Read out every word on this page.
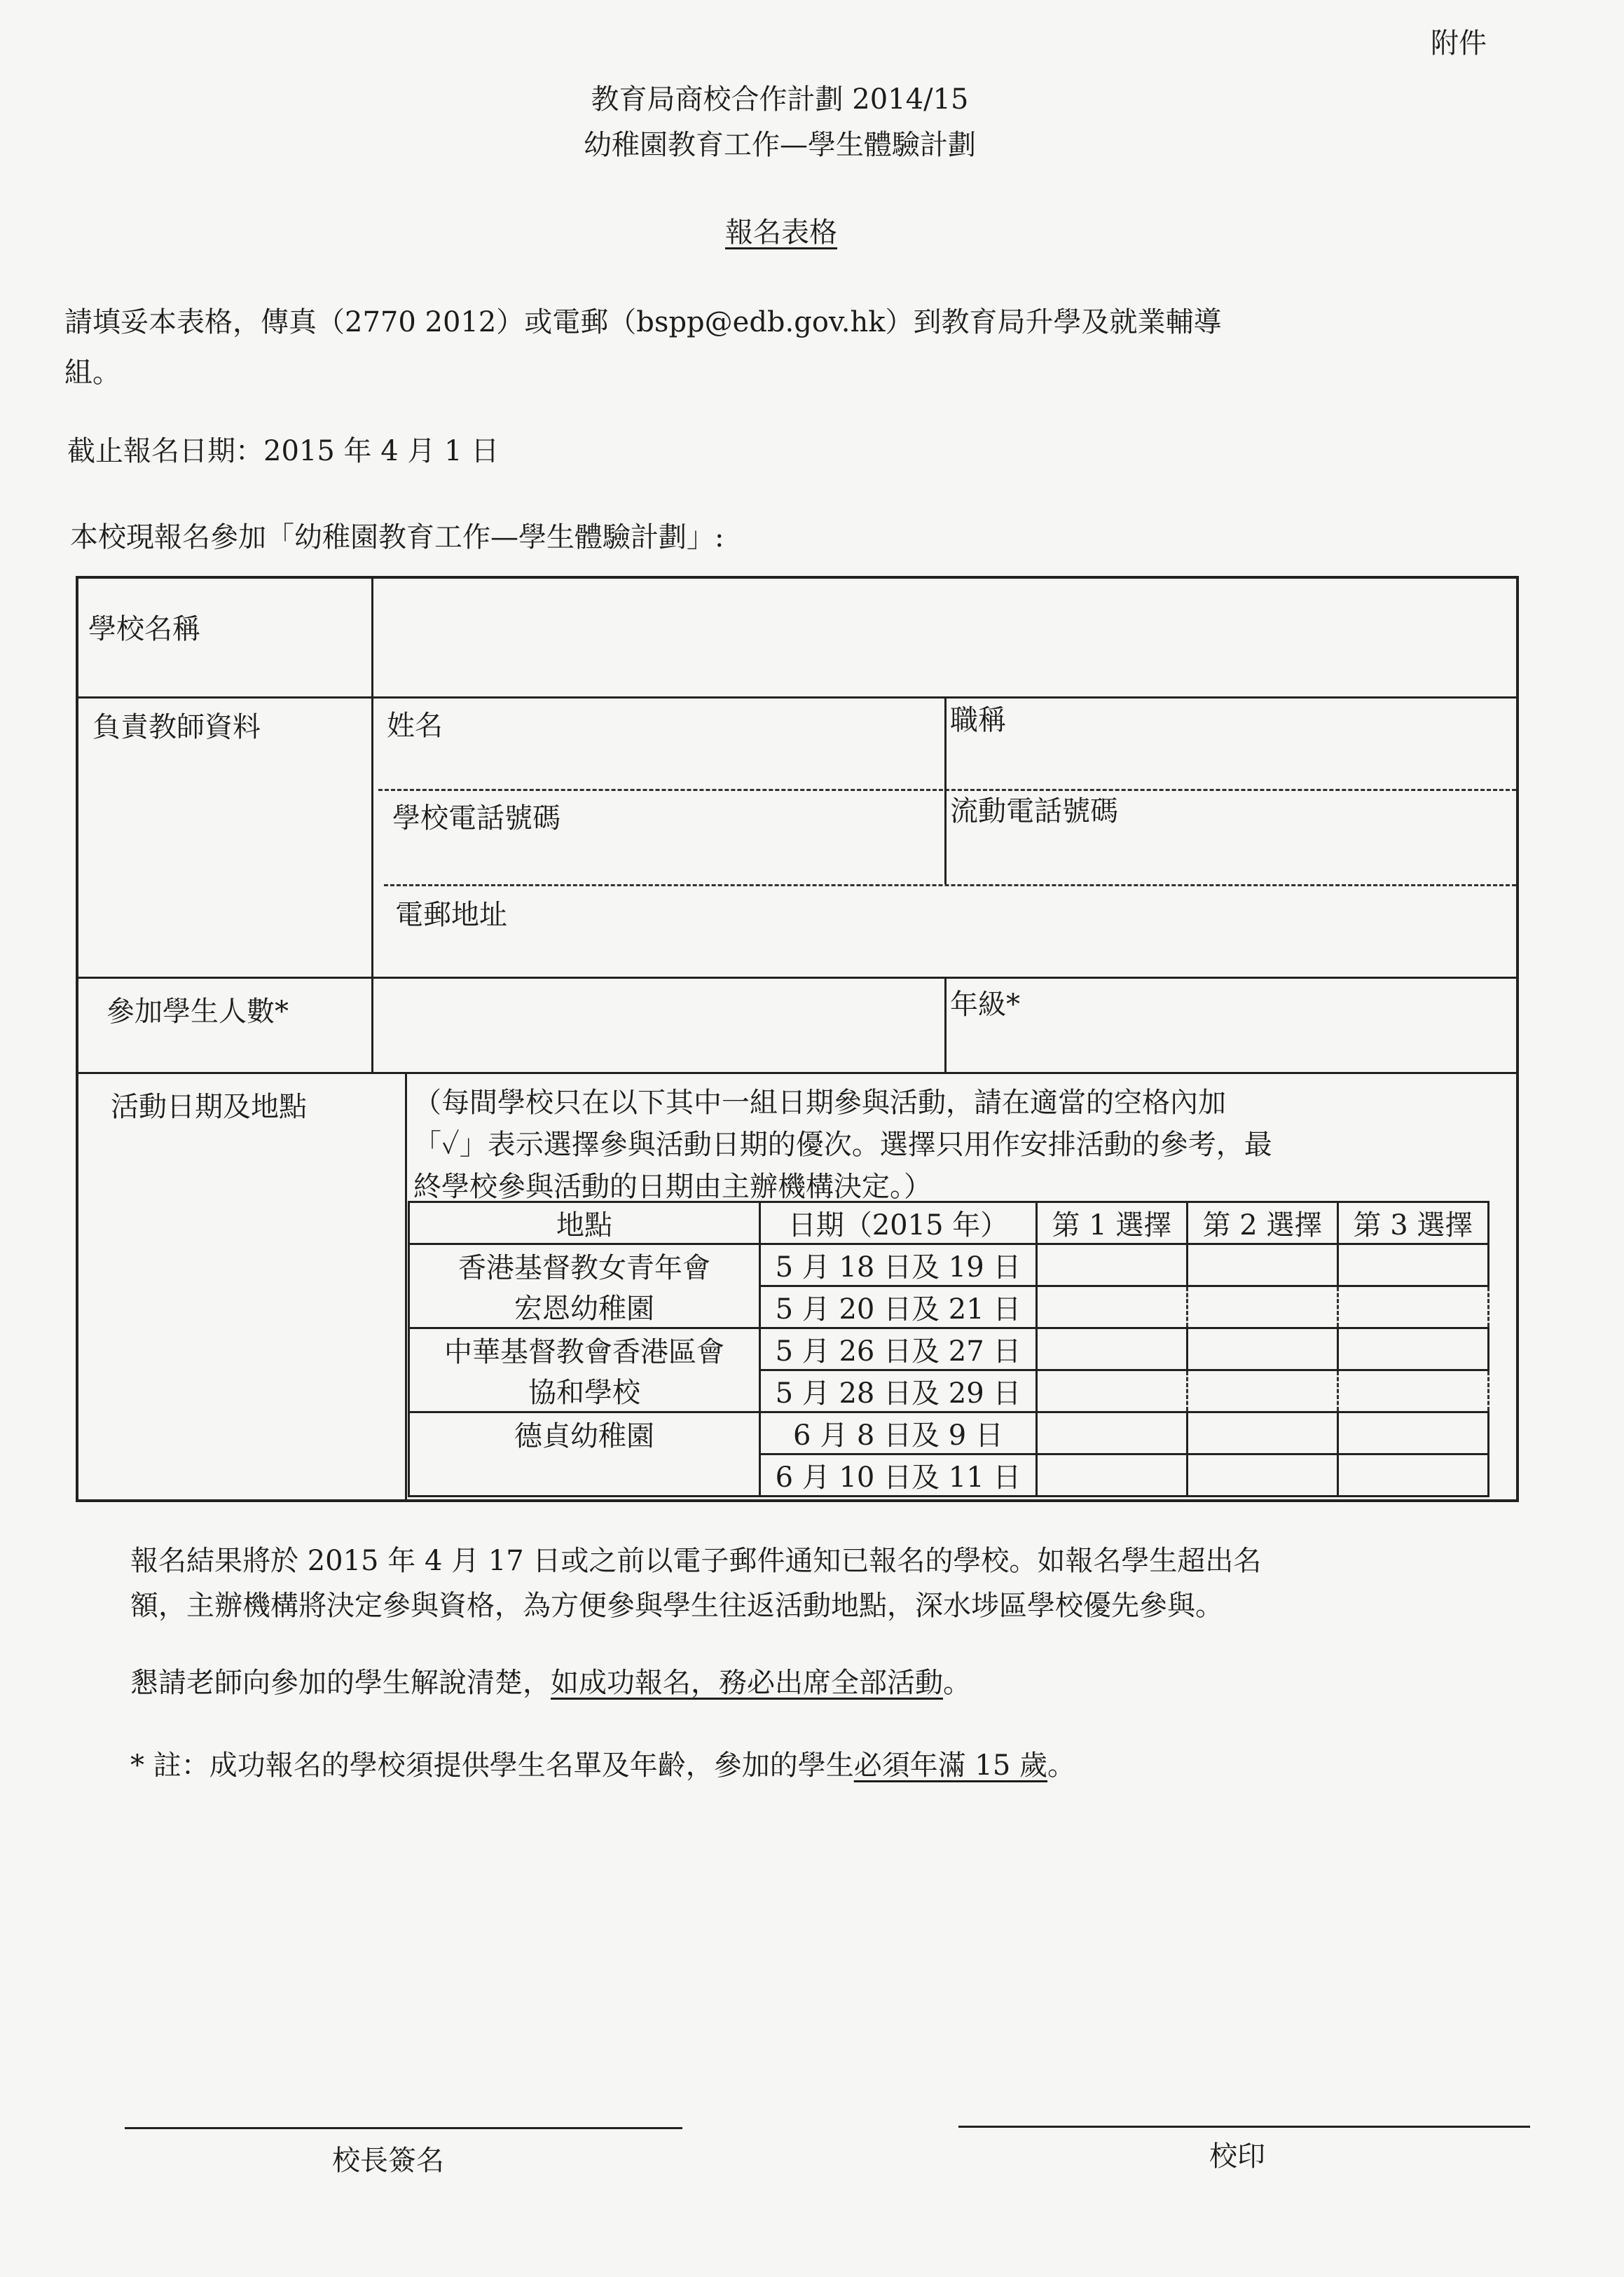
附件
教育局商校合作計劃 2014/15
幼稚園教育工作—學生體驗計劃
報名表格
請填妥本表格，傳真（2770 2012）或電郵（bspp@edb.gov.hk）到教育局升學及就業輔導
組。
截止報名日期：2015 年 4 月 1 日
本校現報名參加「幼稚園教育工作—學生體驗計劃」:
學校名稱
負責教師資料	姓名	職稱
學校電話號碼	流動電話號碼
電郵地址
參加學生人數*	年級*
活動日期及地點	（每間學校只在以下其中一組日期參與活動，請在適當的空格內加
「✓」表示選擇參與活動日期的優次。選擇只用作安排活動的參考，最
終學校參與活動的日期由主辦機構決定。）
地點	日期（2015 年）	第 1 選擇	第 2 選擇	第 3 選擇
香港基督教女青年會	5 月 18 日及 19 日			
宏恩幼稚園	5 月 20 日及 21 日			
中華基督教會香港區會	5 月 26 日及 27 日			
協和學校	5 月 28 日及 29 日			
德貞幼稚園	6 月 8 日及 9 日			
	6 月 10 日及 11 日			
報名結果將於 2015 年 4 月 17 日或之前以電子郵件通知已報名的學校。如報名學生超出名
額，主辦機構將決定參與資格，為方便參與學生往返活動地點，深水埗區學校優先參與。
懇請老師向參加的學生解說清楚，如成功報名，務必出席全部活動。
* 註：成功報名的學校須提供學生名單及年齡，參加的學生必須年滿 15 歲。
校長簽名	校印
